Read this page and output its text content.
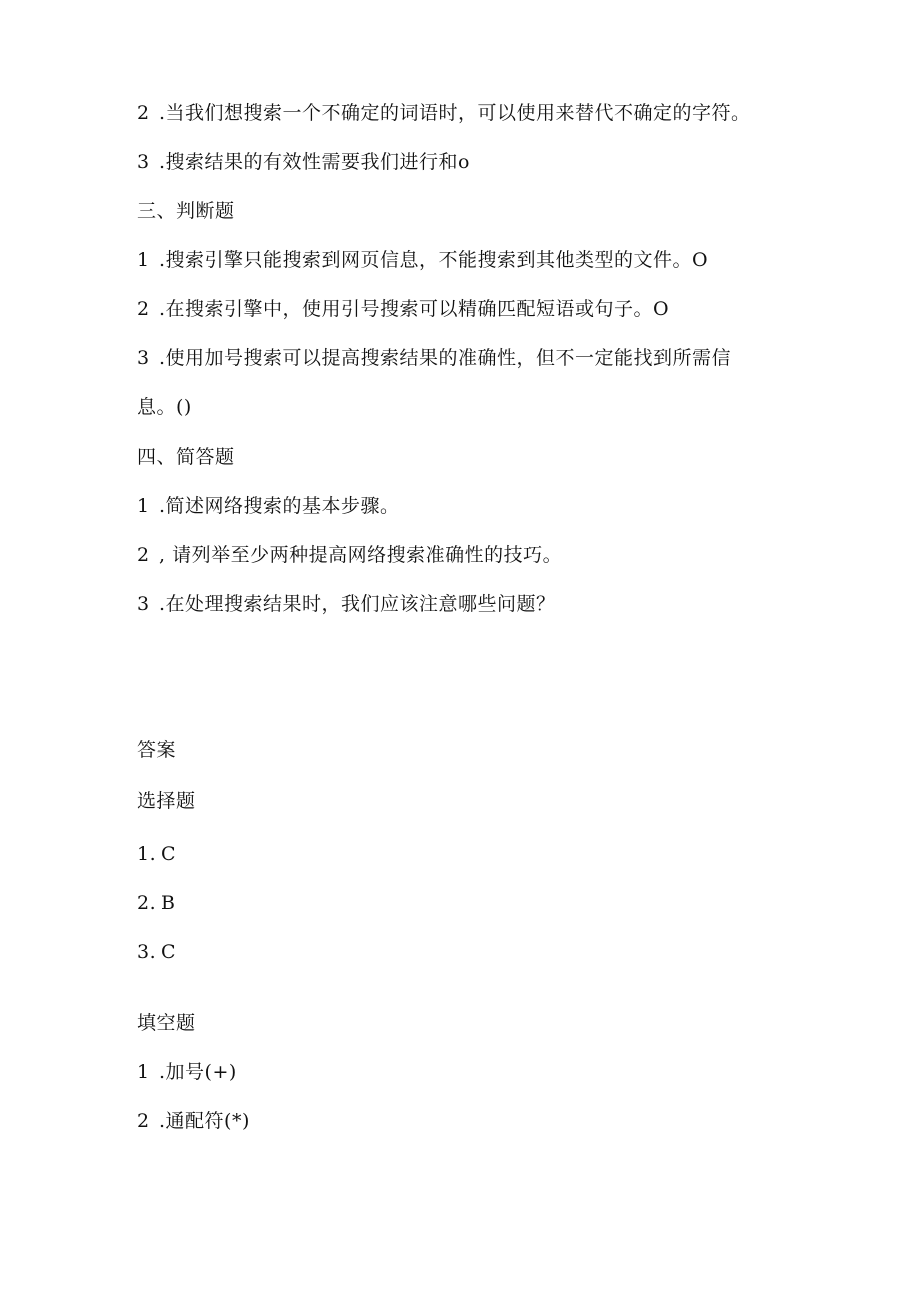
2 .当我们想搜索一个不确定的词语时，可以使用来替代不确定的字符。
3 .搜索结果的有效性需要我们进行和o
三、判断题
1 .搜索引擎只能搜索到网页信息，不能搜索到其他类型的文件。O
2 .在搜索引擎中，使用引号搜索可以精确匹配短语或句子。O
3 .使用加号搜索可以提高搜索结果的准确性，但不一定能找到所需信
息。()
四、简答题
1 .简述网络搜索的基本步骤。
2 , 请列举至少两种提高网络搜索准确性的技巧。
3 .在处理搜索结果时，我们应该注意哪些问题？
答案
选择题
1. C
2. B
3. C
填空题
1 .加号(+)
2 .通配符(*)
